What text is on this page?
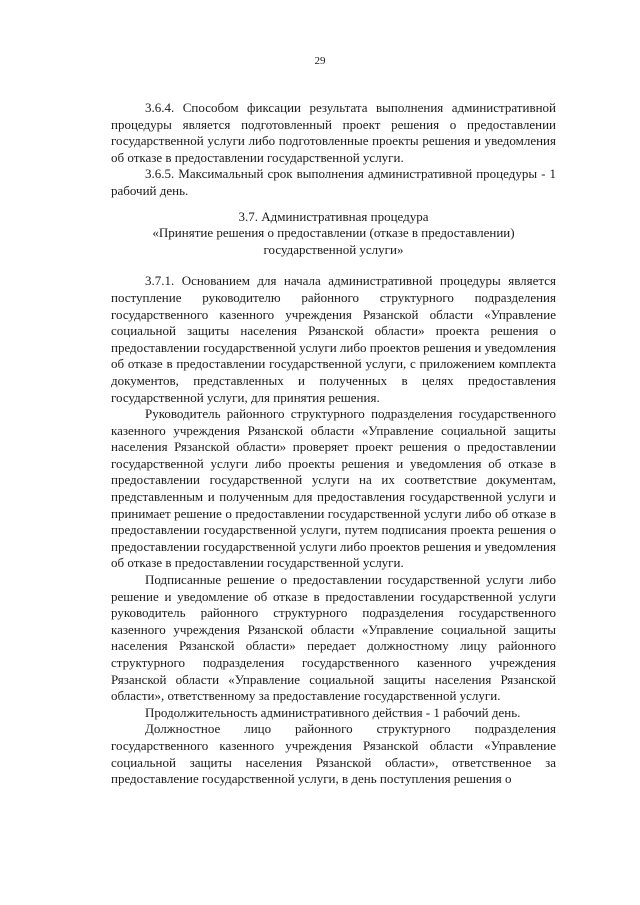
29

3.6.4. Способом фиксации результата выполнения административной процедуры является подготовленный проект решения о предоставлении государственной услуги либо подготовленные проекты решения и уведомления об отказе в предоставлении государственной услуги.

3.6.5. Максимальный срок выполнения административной процедуры - 1 рабочий день.

3.7. Административная процедура
«Принятие решения о предоставлении (отказе в предоставлении)
государственной услуги»

3.7.1. Основанием для начала административной процедуры является поступление руководителю районного структурного подразделения государственного казенного учреждения Рязанской области «Управление социальной защиты населения Рязанской области» проекта решения о предоставлении государственной услуги либо проектов решения и уведомления об отказе в предоставлении государственной услуги, с приложением комплекта документов, представленных и полученных в целях предоставления государственной услуги, для принятия решения.

Руководитель районного структурного подразделения государственного казенного учреждения Рязанской области «Управление социальной защиты населения Рязанской области» проверяет проект решения о предоставлении государственной услуги либо проекты решения и уведомления об отказе в предоставлении государственной услуги на их соответствие документам, представленным и полученным для предоставления государственной услуги и принимает решение о предоставлении государственной услуги либо об отказе в предоставлении государственной услуги, путем подписания проекта решения о предоставлении государственной услуги либо проектов решения и уведомления об отказе в предоставлении государственной услуги.

Подписанные решение о предоставлении государственной услуги либо решение и уведомление об отказе в предоставлении государственной услуги руководитель районного структурного подразделения государственного казенного учреждения Рязанской области «Управление социальной защиты населения Рязанской области» передает должностному лицу районного структурного подразделения государственного казенного учреждения Рязанской области «Управление социальной защиты населения Рязанской области», ответственному за предоставление государственной услуги.

Продолжительность административного действия - 1 рабочий день.

Должностное лицо районного структурного подразделения государственного казенного учреждения Рязанской области «Управление социальной защиты населения Рязанской области», ответственное за предоставление государственной услуги, в день поступления решения о
